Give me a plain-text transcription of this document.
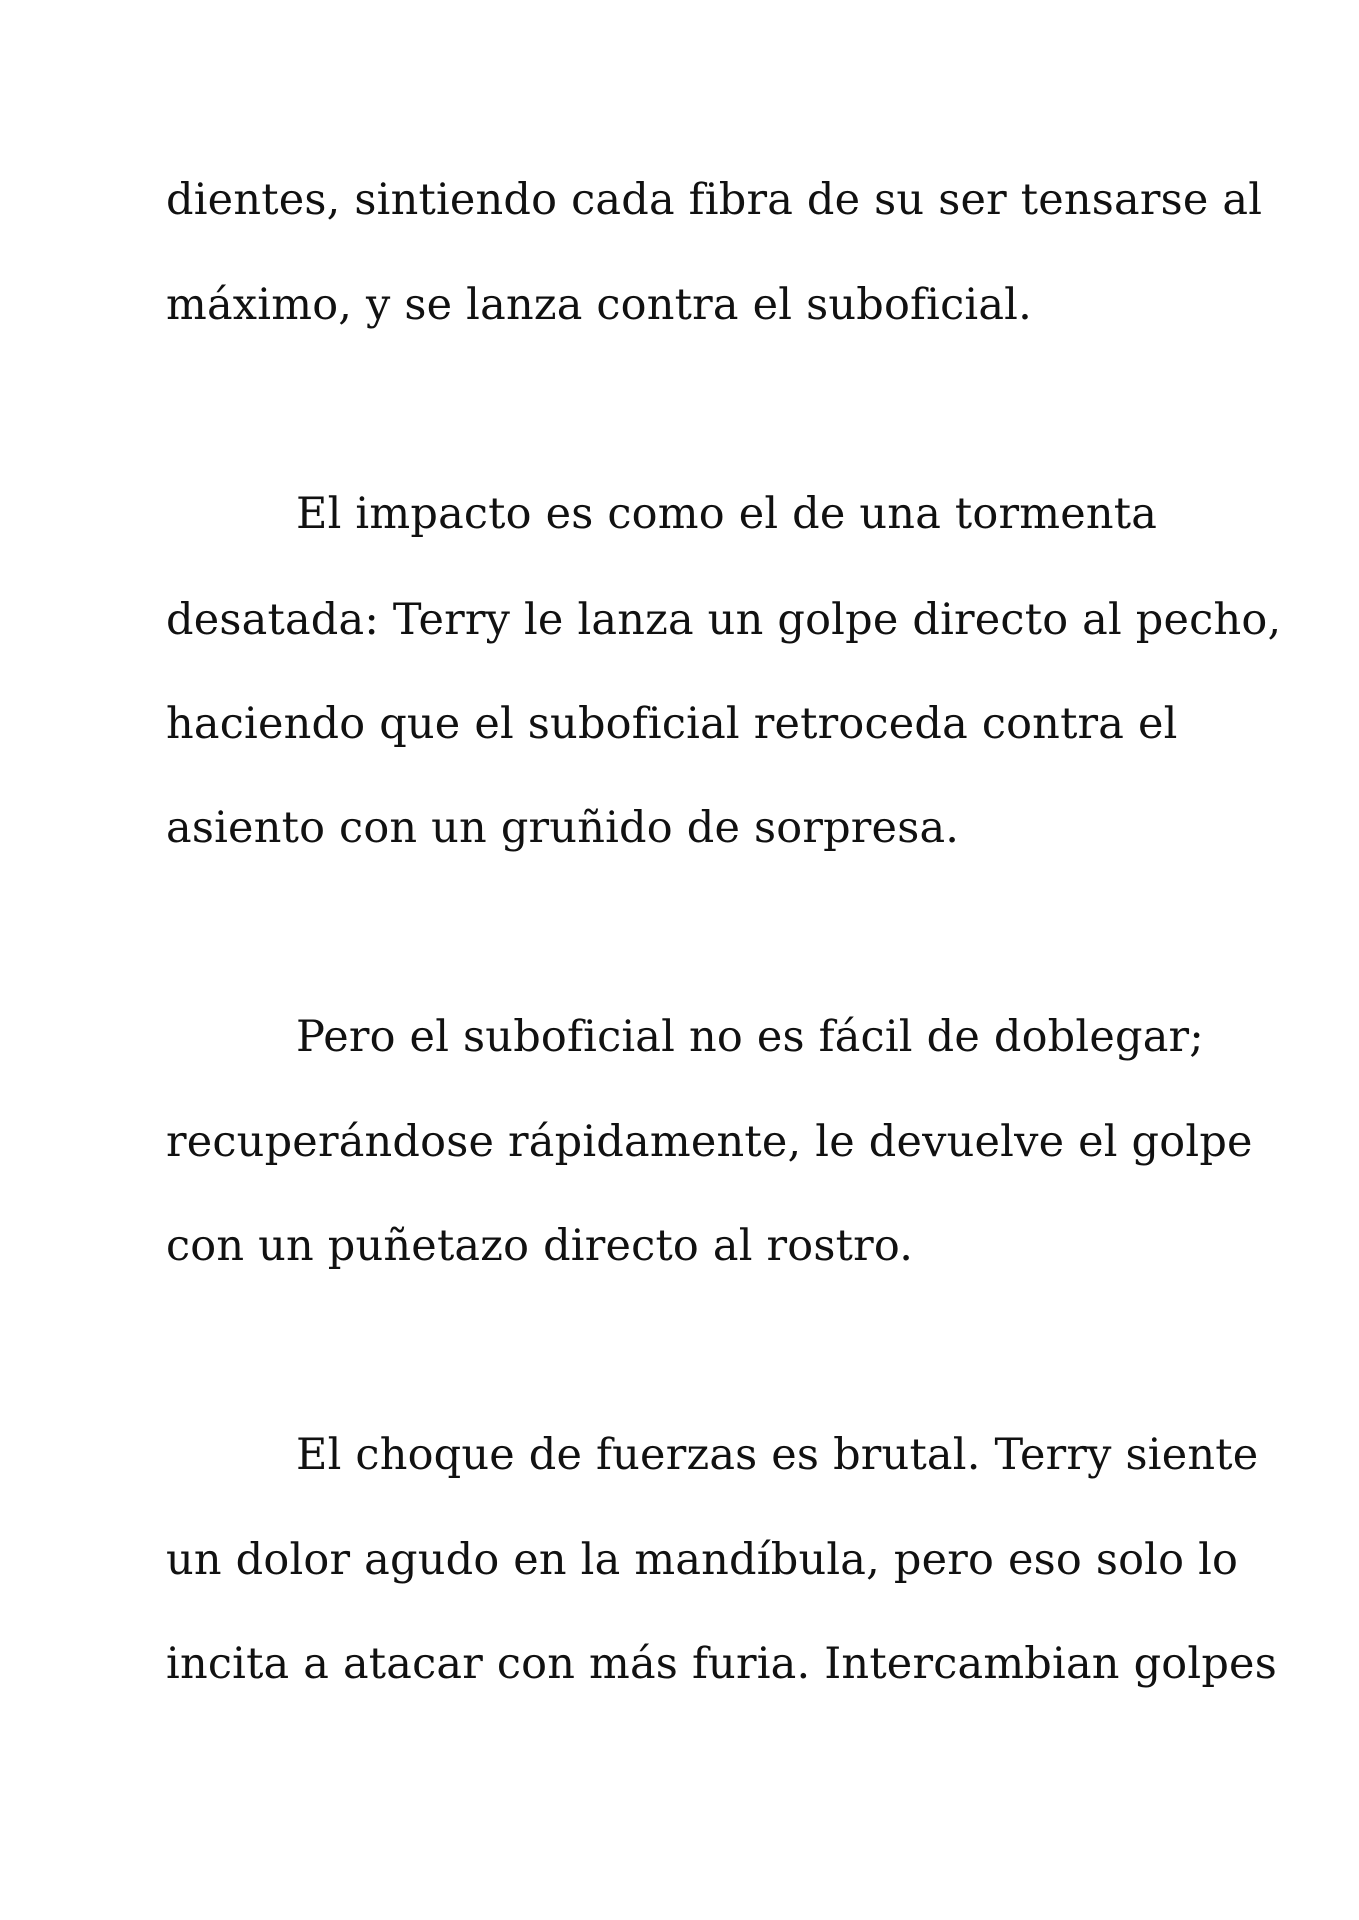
dientes, sintiendo cada fibra de su ser tensarse al
máximo, y se lanza contra el suboficial.
El impacto es como el de una tormenta
desatada: Terry le lanza un golpe directo al pecho,
haciendo que el suboficial retroceda contra el
asiento con un gruñido de sorpresa.
Pero el suboficial no es fácil de doblegar;
recuperándose rápidamente, le devuelve el golpe
con un puñetazo directo al rostro.
El choque de fuerzas es brutal. Terry siente
un dolor agudo en la mandíbula, pero eso solo lo
incita a atacar con más furia. Intercambian golpes
